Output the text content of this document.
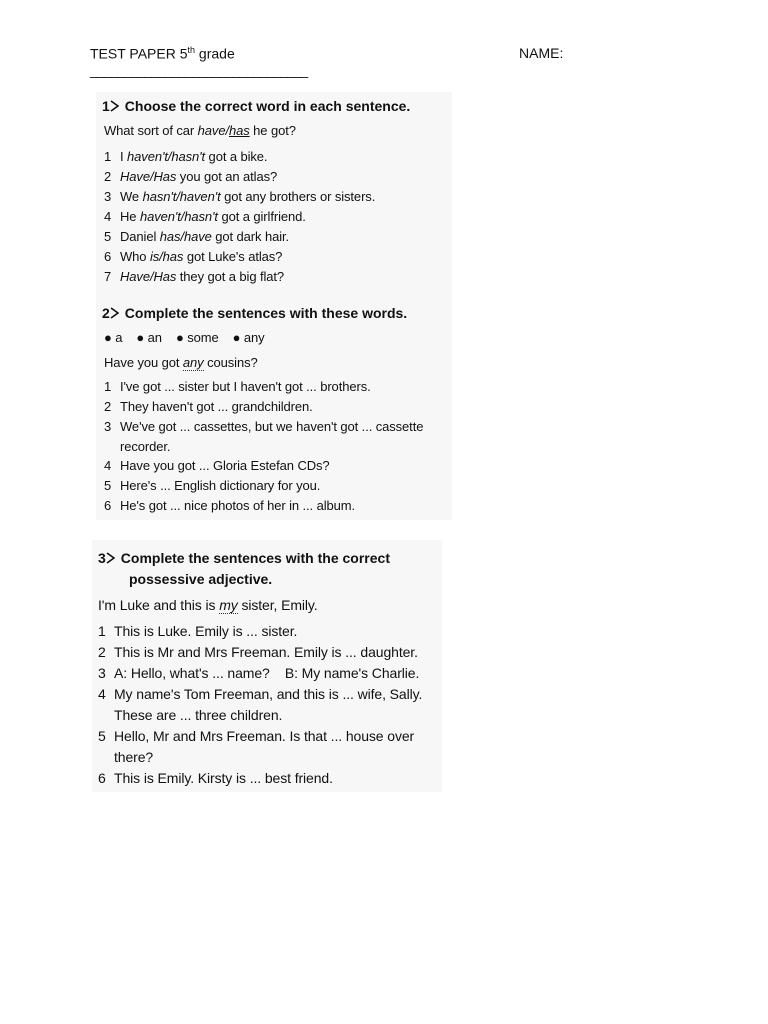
TEST PAPER 5th grade	NAME:
________________________________
1 Choose the correct word in each sentence.
What sort of car have/has he got?
1 I haven't/hasn't got a bike.
2 Have/Has you got an atlas?
3 We hasn't/haven't got any brothers or sisters.
4 He haven't/hasn't got a girlfriend.
5 Daniel has/have got dark hair.
6 Who is/has got Luke's atlas?
7 Have/Has they got a big flat?
2 Complete the sentences with these words.
● a ● an ● some ● any
Have you got any cousins?
1 I've got ... sister but I haven't got ... brothers.
2 They haven't got ... grandchildren.
3 We've got ... cassettes, but we haven't got ... cassette
recorder.
4 Have you got ... Gloria Estefan CDs?
5 Here's ... English dictionary for you.
6 He's got ... nice photos of her in ... album.
3 Complete the sentences with the correct
possessive adjective.
I'm Luke and this is my sister, Emily.
1 This is Luke. Emily is ... sister.
2 This is Mr and Mrs Freeman. Emily is ... daughter.
3 A: Hello, what's ... name?    B: My name's Charlie.
4 My name's Tom Freeman, and this is ... wife, Sally.
These are ... three children.
5 Hello, Mr and Mrs Freeman. Is that ... house over
there?
6 This is Emily. Kirsty is ... best friend.
